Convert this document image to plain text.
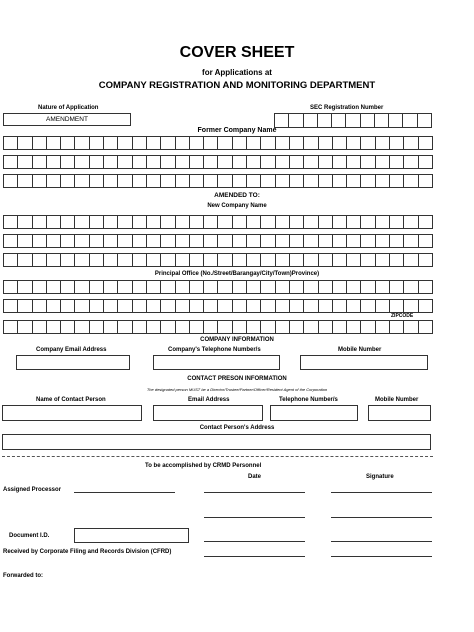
COVER SHEET
for Applications at
COMPANY REGISTRATION AND MONITORING DEPARTMENT
Nature of Application
AMENDMENT
SEC Registration Number
Former Company Name
AMENDED TO:
New Company Name
Principal Office (No./Street/Barangay/City/Town)Province)
ZIPCODE
COMPANY INFORMATION
Company Email Address	Company's Telephone Number/s	Mobile Number
CONTACT PRESON INFORMATION
The designated person MUST be a Director/Trustee/Partner/Officer/Resident Agent of the Corporation
Name of Contact Person	Email Address	Telephone Number/s	Mobile Number
Contact Person's Address
To be accomplished by CRMD Personnel
Date	Signature
Assigned Processor
Document I.D.
Received by Corporate Filing and Records Division (CFRD)
Forwarded to:
